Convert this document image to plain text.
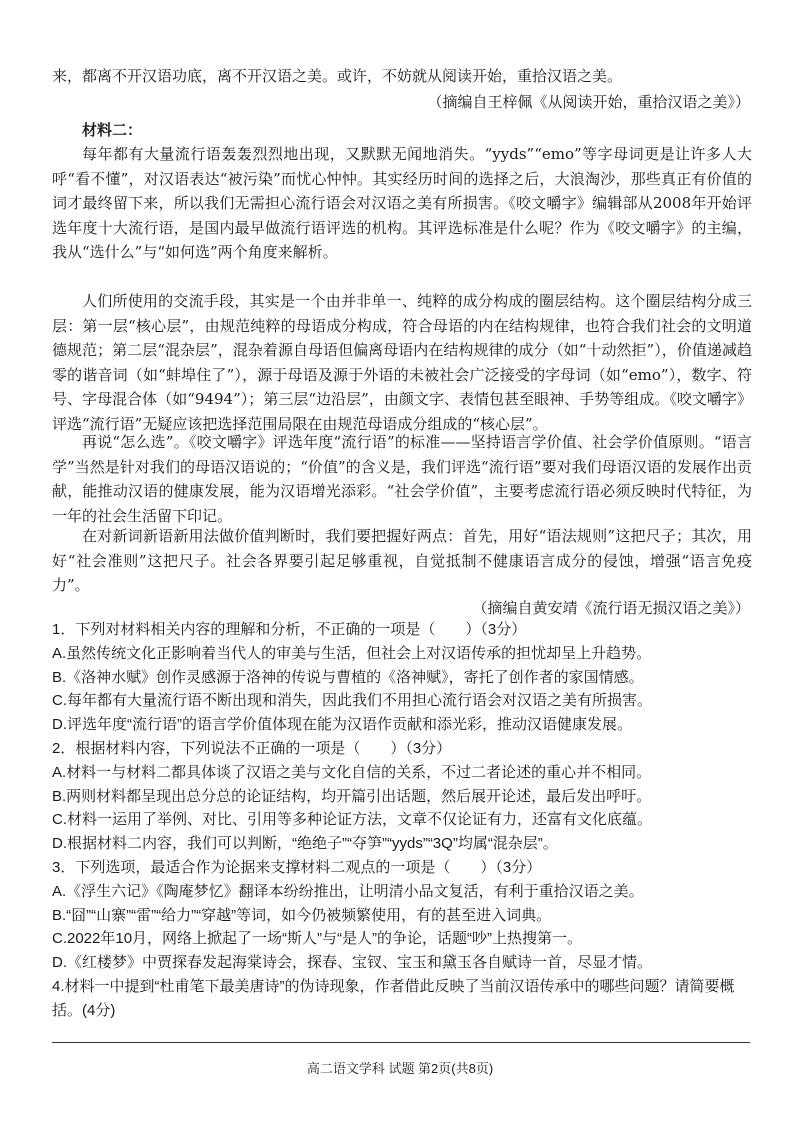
来，都离不开汉语功底，离不开汉语之美。或许，不妨就从阅读开始，重拾汉语之美。

（摘编自王梓佩《从阅读开始，重拾汉语之美》）

材料二：

每年都有大量流行语轰轰烈烈地出现，又默默无闻地消失。“yyds”“emo”等字母词更是让许多人大呼“看不懂”，对汉语表达“被污染”而忧心忡忡。其实经历时间的选择之后，大浪淘沙，那些真正有价值的词才最终留下来，所以我们无需担心流行语会对汉语之美有所损害。《咬文嚼字》编辑部从2008年开始评选年度十大流行语，是国内最早做流行语评选的机构。其评选标准是什么呢？作为《咬文嚼字》的主编，我从“选什么”与“如何选”两个角度来解析。

人们所使用的交流手段，其实是一个由并非单一、纯粹的成分构成的圈层结构。这个圈层结构分成三层：第一层“核心层”，由规范纯粹的母语成分构成，符合母语的内在结构规律，也符合我们社会的文明道德规范；第二层“混杂层”，混杂着源自母语但偏离母语内在结构规律的成分（如“十动然拒”），价值递减趋零的谐音词（如“蚌埠住了”），源于母语及源于外语的未被社会广泛接受的字母词（如“emo”），数字、符号、字母混合体（如“9494”）；第三层“边沿层”，由颜文字、表情包甚至眼神、手势等组成。《咬文嚼字》评选“流行语”无疑应该把选择范围局限在由规范母语成分组成的“核心层”。

再说“怎么选”。《咬文嚼字》评选年度“流行语”的标准——坚持语言学价值、社会学价值原则。“语言学”当然是针对我们的母语汉语说的；“价值”的含义是，我们评选“流行语”要对我们母语汉语的发展作出贡献，能推动汉语的健康发展，能为汉语增光添彩。“社会学价值”，主要考虑流行语必须反映时代特征，为一年的社会生活留下印记。

在对新词新语新用法做价值判断时，我们要把握好两点：首先，用好“语法规则”这把尺子；其次，用好“社会准则”这把尺子。社会各界要引起足够重视，自觉抵制不健康语言成分的侵蚀，增强“语言免疫力”。

（摘编自黄安靖《流行语无损汉语之美》）

1．下列对材料相关内容的理解和分析，不正确的一项是（　　）（3分）
A.虽然传统文化正影响着当代人的审美与生活，但社会上对汉语传承的担忧却呈上升趋势。
B.《洛神水赋》创作灵感源于洛神的传说与曹植的《洛神赋》，寄托了创作者的家国情感。
C.每年都有大量流行语不断出现和消失，因此我们不用担心流行语会对汉语之美有所损害。
D.评选年度“流行语”的语言学价值体现在能为汉语作贡献和添光彩，推动汉语健康发展。
2．根据材料内容，下列说法不正确的一项是（　　）（3分）
A.材料一与材料二都具体谈了汉语之美与文化自信的关系，不过二者论述的重心并不相同。
B.两则材料都呈现出总分总的论证结构，均开篇引出话题，然后展开论述，最后发出呼吁。
C.材料一运用了举例、对比、引用等多种论证方法，文章不仅论证有力，还富有文化底蕴。
D.根据材料二内容，我们可以判断，“绝绝子”“夺笋”“yyds”“3Q”均属“混杂层”。
3．下列选项，最适合作为论据来支撑材料二观点的一项是（　　）（3分）
A.《浮生六记》《陶庵梦忆》翻译本纷纷推出，让明清小品文复活，有利于重拾汉语之美。
B.“囧”“山寨”“雷”“给力”“穿越”等词，如今仍被频繁使用，有的甚至进入词典。
C.2022年10月，网络上掀起了一场“斯人”与“是人”的争论，话题“吵”上热搜第一。
D.《红楼梦》中贾探春发起海棠诗会，探春、宝钗、宝玉和黛玉各自赋诗一首，尽显才情。
4.材料一中提到“杜甫笔下最美唐诗”的伪诗现象，作者借此反映了当前汉语传承中的哪些问题？请简要概括。(4分)
高二语文学科 试题 第2页(共8页)
